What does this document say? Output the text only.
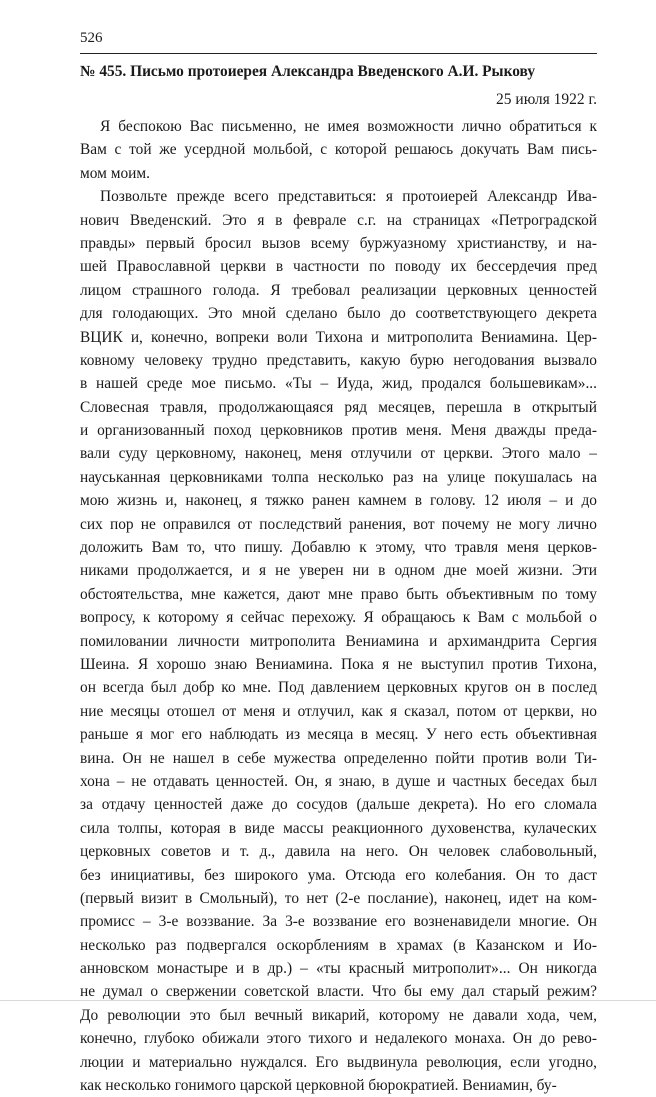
526
№ 455. Письмо протоиерея Александра Введенского А.И. Рыкову
25 июля 1922 г.
Я беспокою Вас письменно, не имея возможности лично обратиться к
Вам с той же усердной мольбой, с которой решаюсь докучать Вам пись-
мом моим.
Позвольте прежде всего представиться: я протоиерей Александр Ива-
нович Введенский. Это я в феврале с.г. на страницах «Петроградской
правды» первый бросил вызов всему буржуазному христианству, и на-
шей Православной церкви в частности по поводу их бессердечия пред
лицом страшного голода. Я требовал реализации церковных ценностей
для голодающих. Это мной сделано было до соответствующего декрета
ВЦИК и, конечно, вопреки воли Тихона и митрополита Вениамина. Цер-
ковному человеку трудно представить, какую бурю негодования вызвало
в нашей среде мое письмо. «Ты – Иуда, жид, продался большевикам»...
Словесная травля, продолжающаяся ряд месяцев, перешла в открытый
и организованный поход церковников против меня. Меня дважды преда-
вали суду церковному, наконец, меня отлучили от церкви. Этого мало –
науськанная церковниками толпа несколько раз на улице покушалась на
мою жизнь и, наконец, я тяжко ранен камнем в голову. 12 июля – и до
сих пор не оправился от последствий ранения, вот почему не могу лично
доложить Вам то, что пишу. Добавлю к этому, что травля меня церков-
никами продолжается, и я не уверен ни в одном дне моей жизни. Эти
обстоятельства, мне кажется, дают мне право быть объективным по тому
вопросу, к которому я сейчас перехожу. Я обращаюсь к Вам с мольбой о
помиловании личности митрополита Вениамина и архимандрита Сергия
Шеина. Я хорошо знаю Вениамина. Пока я не выступил против Тихона,
он всегда был добр ко мне. Под давлением церковных кругов он в послед
ние месяцы отошел от меня и отлучил, как я сказал, потом от церкви, но
раньше я мог его наблюдать из месяца в месяц. У него есть объективная
вина. Он не нашел в себе мужества определенно пойти против воли Ти-
хона – не отдавать ценностей. Он, я знаю, в душе и частных беседах был
за отдачу ценностей даже до сосудов (дальше декрета). Но его сломала
сила толпы, которая в виде массы реакционного духовенства, кулаческих
церковных советов и т. д., давила на него. Он человек слабовольный,
без инициативы, без широкого ума. Отсюда его колебания. Он то даст
(первый визит в Смольный), то нет (2-е послание), наконец, идет на ком-
промисс – 3-е воззвание. За 3-е воззвание его возненавидели многие. Он
несколько раз подвергался оскорблениям в храмах (в Казанском и Ио-
анновском монастыре и в др.) – «ты красный митрополит»... Он никогда
не думал о свержении советской власти. Что бы ему дал старый режим?
До революции это был вечный викарий, которому не давали хода, чем,
конечно, глубоко обижали этого тихого и недалекого монаха. Он до рево-
люции и материально нуждался. Его выдвинула революция, если угодно,
как несколько гонимого царской церковной бюрократией. Вениамин, бу-
